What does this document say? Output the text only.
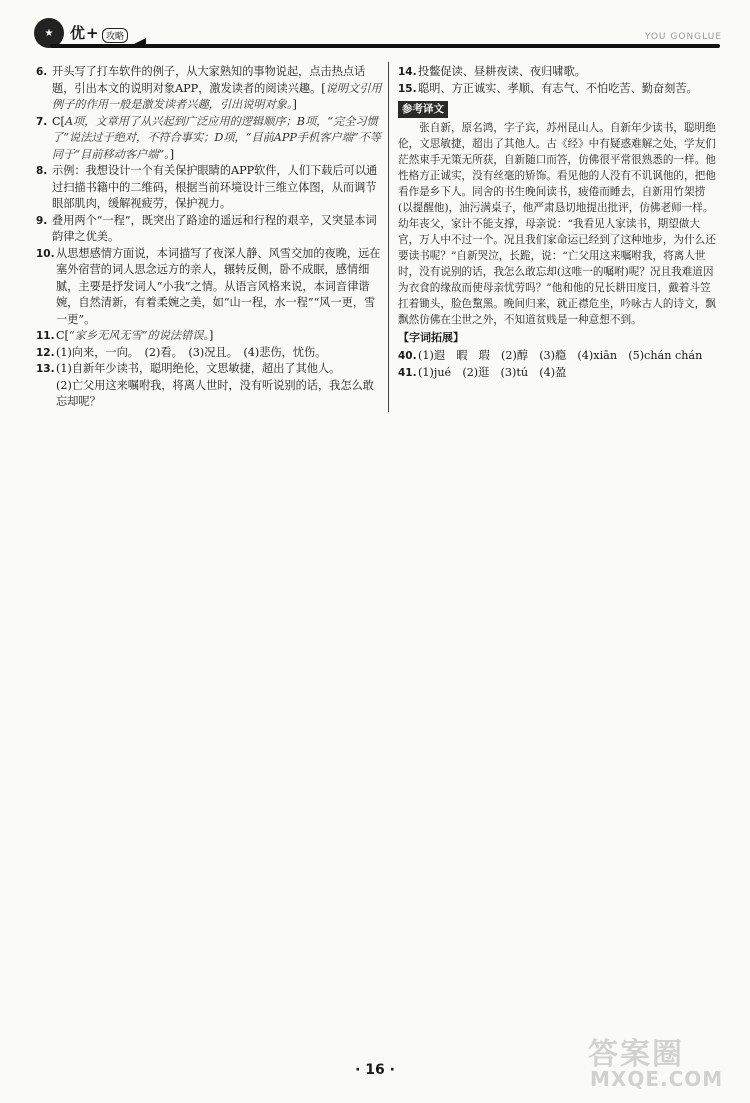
★	优+ 攻略	YOU GONGLUE
6. 开头写了打车软件的例子，从大家熟知的事物说起，点击热点话题，引出本文的说明对象APP，激发读者的阅读兴趣。[说明文引用例子的作用一般是激发读者兴趣，引出说明对象。]
7. C[A项，文章用了从兴起到广泛应用的逻辑顺序；B项，“完全习惯了”说法过于绝对，不符合事实；D项，“目前APP手机客户端”不等同于“目前移动客户端”。]
8. 示例：我想设计一个有关保护眼睛的APP软件，人们下载后可以通过扫描书籍中的二维码，根据当前环境设计三维立体图，从而调节眼部肌肉，缓解视疲劳，保护视力。
9. 叠用两个“一程”，既突出了路途的遥远和行程的艰辛，又突显本词韵律之优美。
10. 从思想感情方面说，本词描写了夜深人静、风雪交加的夜晚，远在塞外宿营的词人思念远方的亲人，辗转反侧，卧不成眠，感情细腻，主要是抒发词人“小我”之情。从语言风格来说，本词音律谐婉，自然清新，有着柔婉之美，如“山一程，水一程”“风一更，雪一更”。
11. C[“家乡无风无雪”的说法错误。]
12. (1)向来，一向。　(2)看。　(3)况且。　(4)悲伤，忧伤。
13. (1)自新年少读书，聪明绝伦，文思敏捷，超出了其他人。
(2)亡父用这来嘱咐我，将离人世时，没有听说别的话，我怎么敢忘却呢？
14. 投鳖促读、昼耕夜读、夜归啸歌。
15. 聪明、方正诚实、孝顺、有志气、不怕吃苦、勤奋刻苦。
参考译文
张自新，原名鸿，字子宾，苏州昆山人。自新年少读书，聪明绝伦，文思敏捷，超出了其他人。古《经》中有疑惑难解之处，学友们茫然束手无策无所获，自新随口而答，仿佛很平常很熟悉的一样。他性格方正诚实，没有丝毫的矫饰。看见他的人没有不讥讽他的，把他看作是乡下人。同舍的书生晚间读书，疲倦而睡去，自新用竹架捞(以提醒他)，油污满桌子，他严肃恳切地提出批评，仿佛老师一样。幼年丧父，家计不能支撑，母亲说：“我看见人家读书，期望做大官，万人中不过一个。况且我们家命运已经到了这种地步，为什么还要读书呢？”自新哭泣，长跪，说：“亡父用这来嘱咐我，将离人世时，没有说别的话，我怎么敢忘却(这唯一的嘱咐)呢？况且我难道因为衣食的缘故而使母亲忧劳吗？”他和他的兄长耕田度日，戴着斗笠扛着锄头，脸色黧黑。晚间归来，就正襟危坐，吟咏古人的诗文，飘飘然仿佛在尘世之外，不知道贫贱是一种意想不到。
【字词拓展】
40. (1)遐　暇　瑕　(2)醇　(3)瘾　(4)xiān　(5)chán chán
41. (1)jué　(2)逛　(3)tú　(4)盈
· 16 ·	答案圈
MXQE.COM
